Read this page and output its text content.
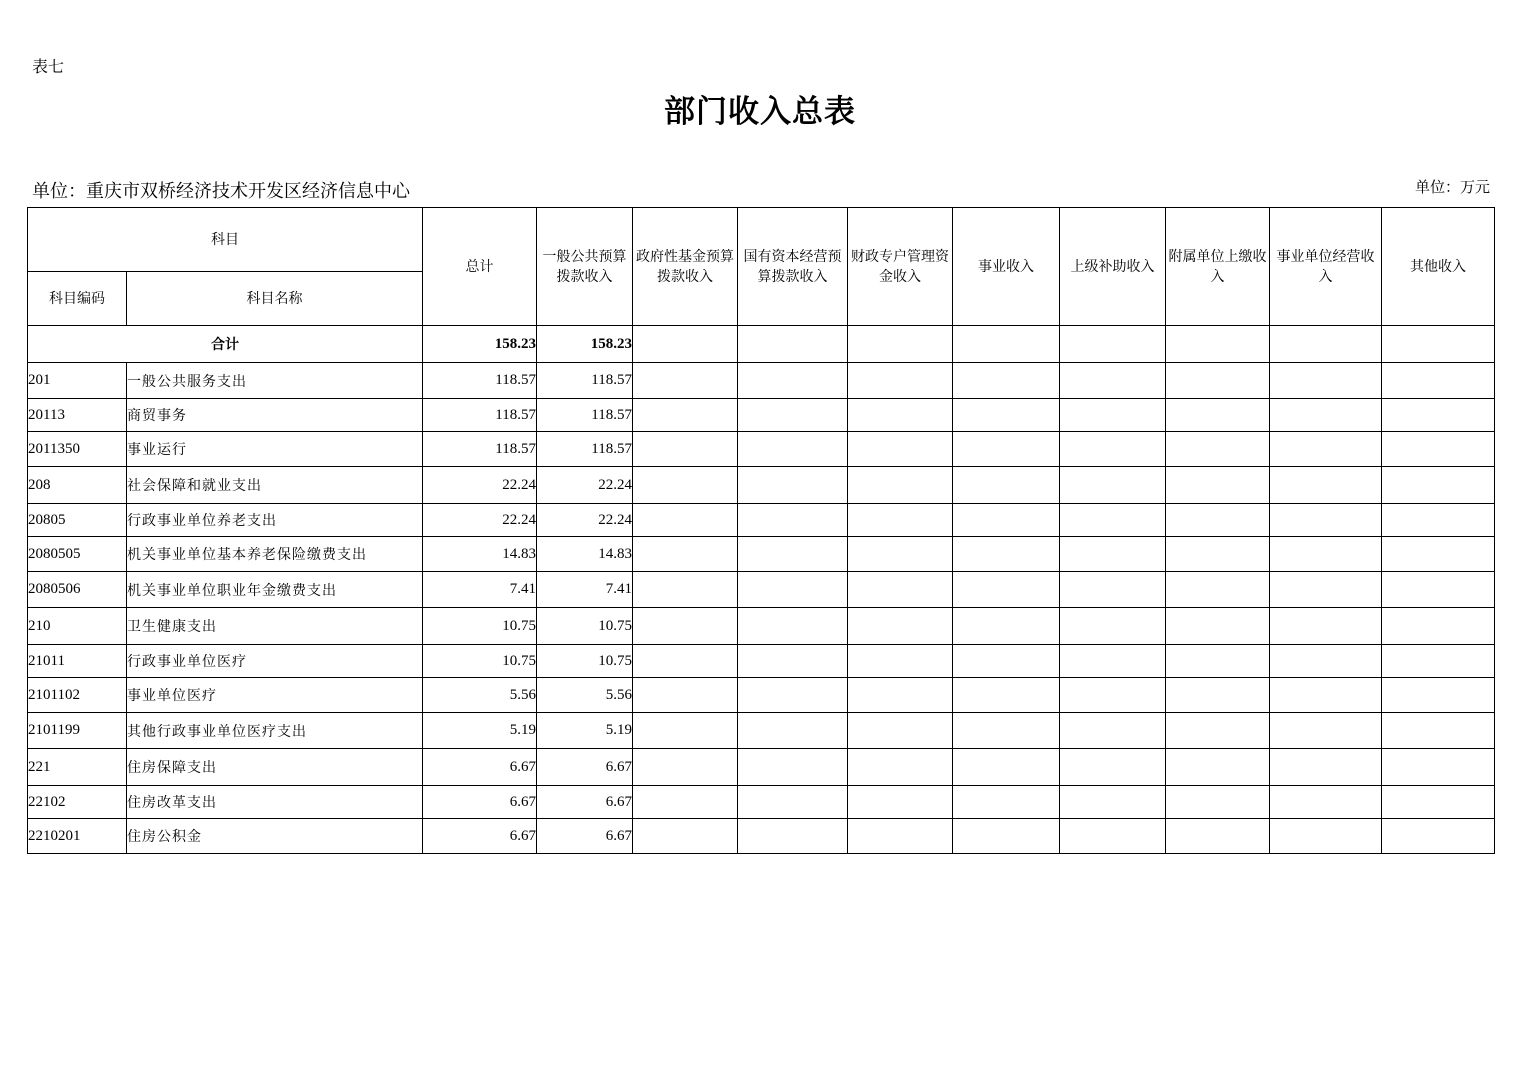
表七
部门收入总表
单位：重庆市双桥经济技术开发区经济信息中心	单位：万元
科目		总计	一般公共预算拨款收入	政府性基金预算拨款收入	国有资本经营预算拨款收入	财政专户管理资金收入	事业收入	上级补助收入	附属单位上缴收入	事业单位经营收入	其他收入
科目编码	科目名称										
合计		158.23	158.23								
201	一般公共服务支出	118.57	118.57								
20113	商贸事务	118.57	118.57								
2011350	事业运行	118.57	118.57								
208	社会保障和就业支出	22.24	22.24								
20805	行政事业单位养老支出	22.24	22.24								
2080505	机关事业单位基本养老保险缴费支出	14.83	14.83								
2080506	机关事业单位职业年金缴费支出	7.41	7.41								
210	卫生健康支出	10.75	10.75								
21011	行政事业单位医疗	10.75	10.75								
2101102	事业单位医疗	5.56	5.56								
2101199	其他行政事业单位医疗支出	5.19	5.19								
221	住房保障支出	6.67	6.67								
22102	住房改革支出	6.67	6.67								
2210201	住房公积金	6.67	6.67								
